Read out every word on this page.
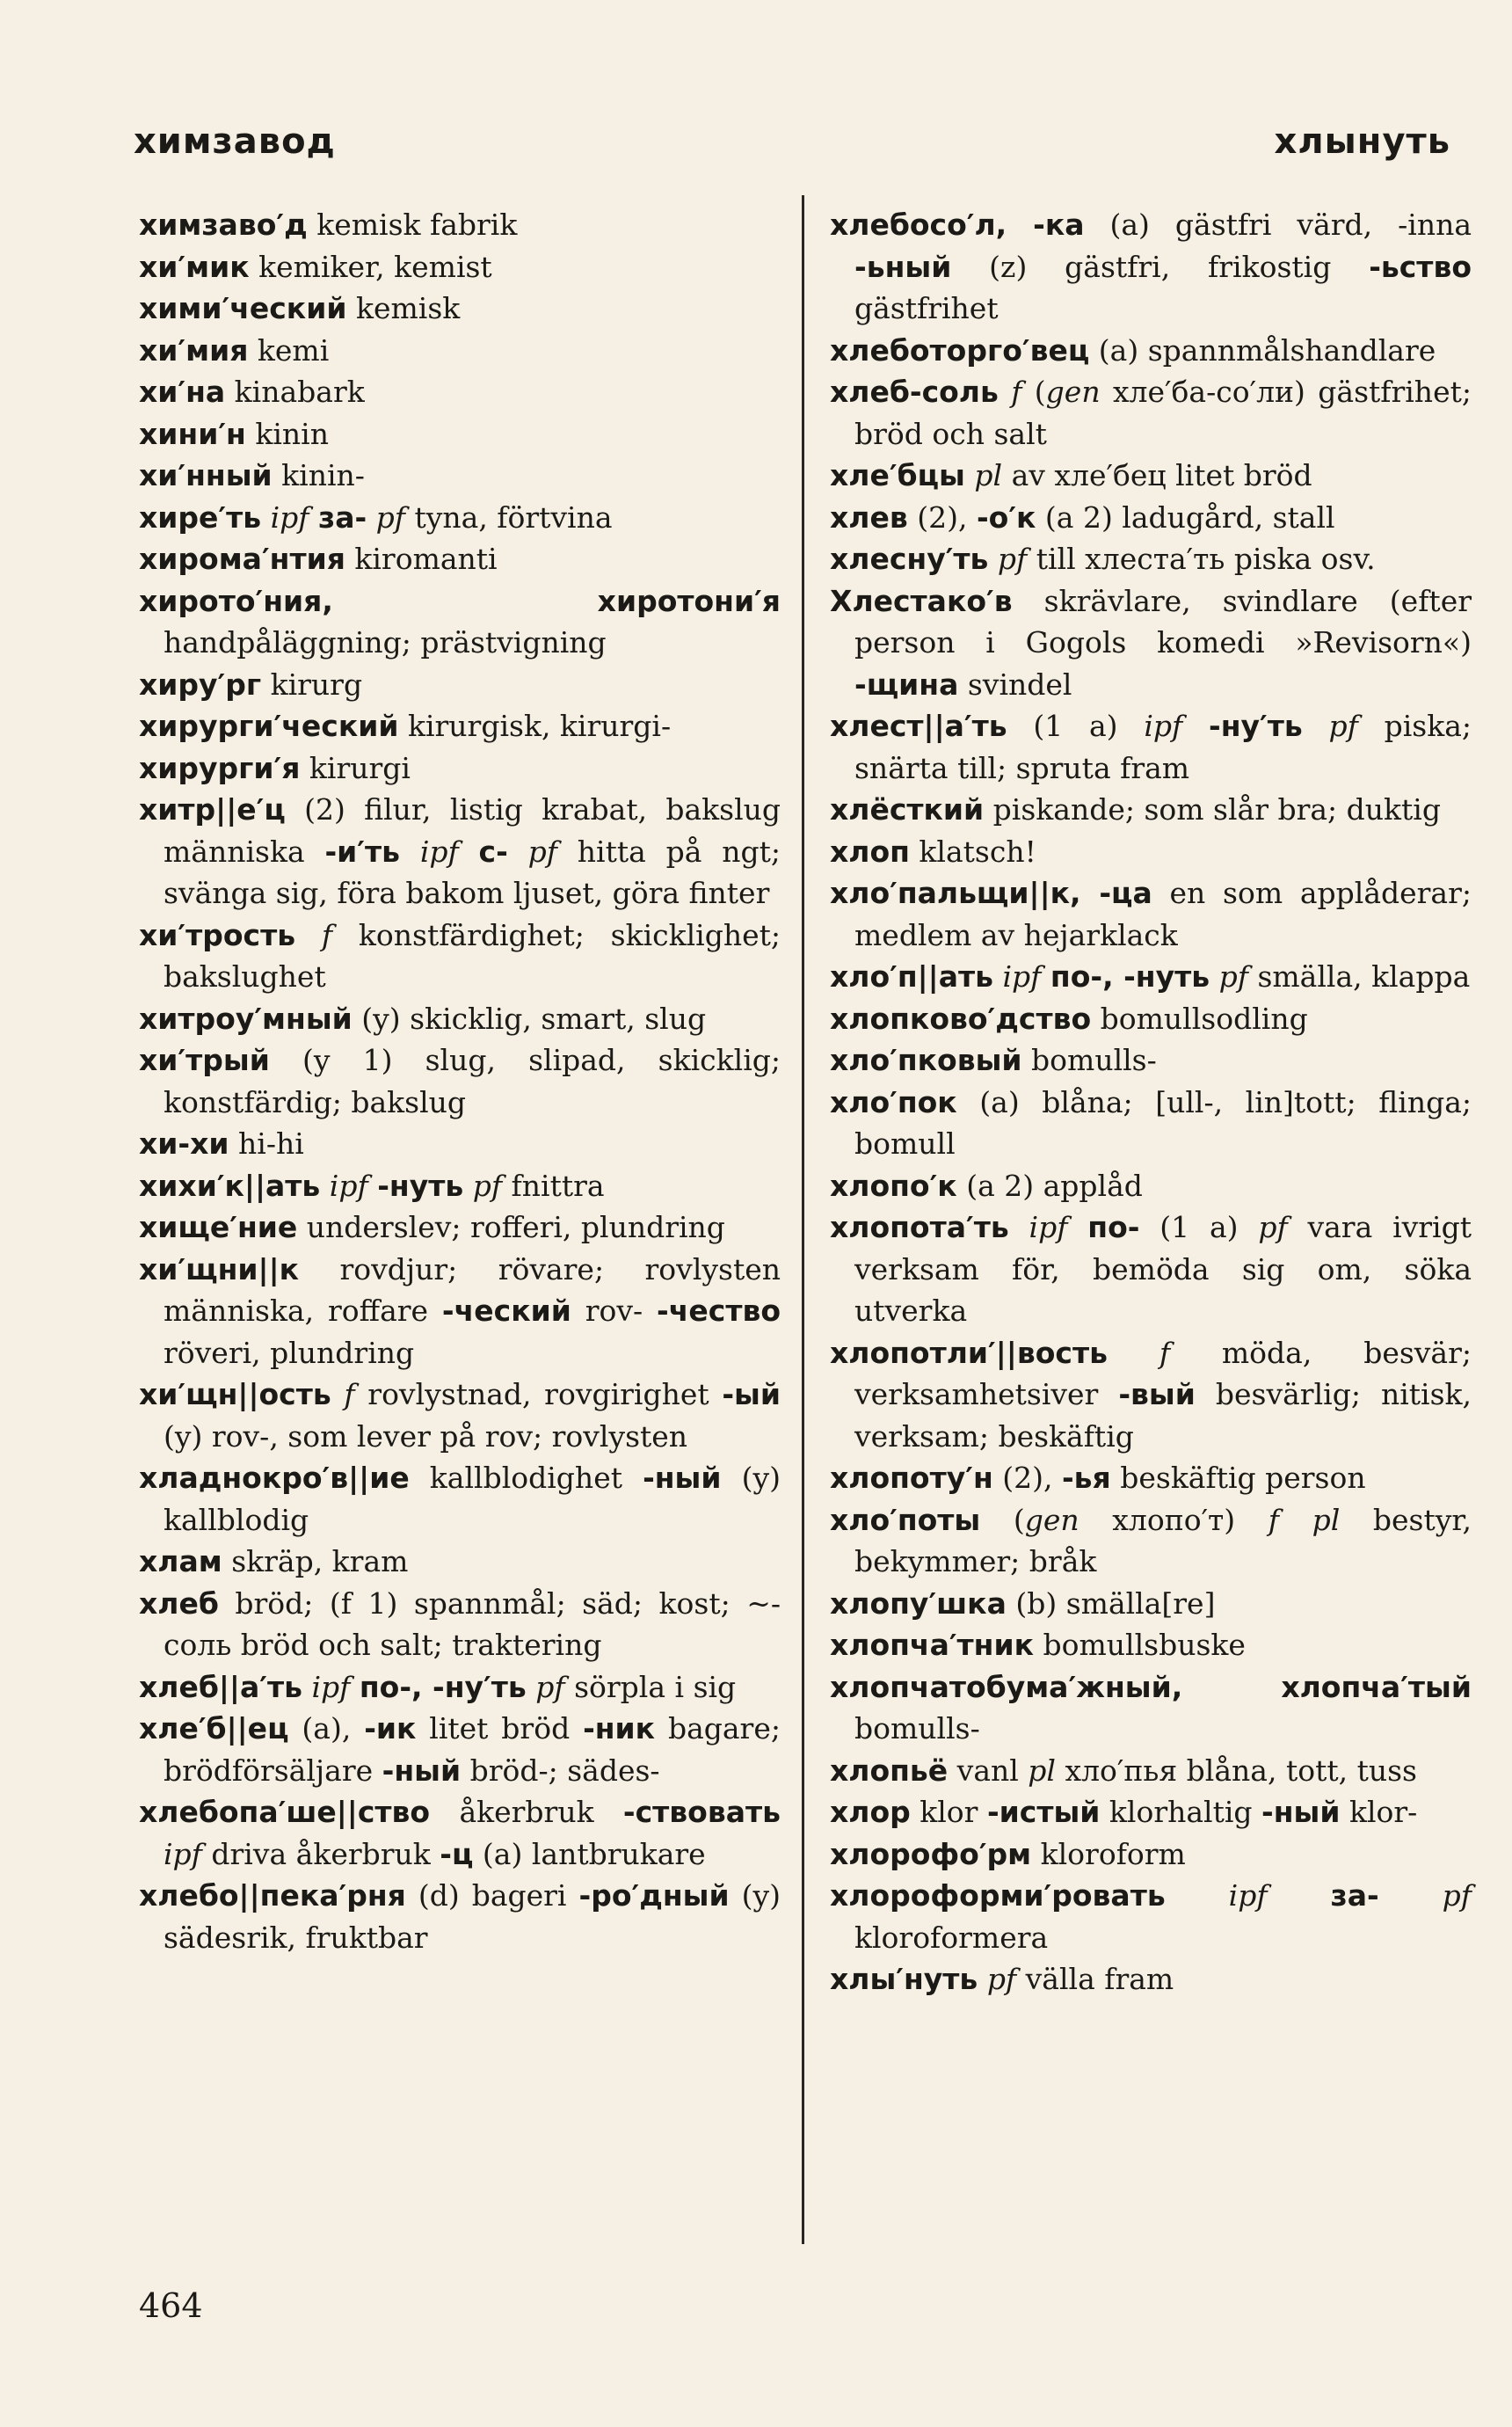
химзавод	хлынуть
химзаво′д kemisk fabrik
хи′мик kemiker, kemist
хими′ческий kemisk
хи′мия kemi
хи′на kinabark
хини′н kinin
хи′нный kinin-
хире′ть ipf за- pf tyna, förtvina
хирома′нтия kiromanti
хирото′ния, хиротони′я handpåläggning; prästvigning
хиру′рг kirurg
хирурги′ческий kirurgisk, kirurgi-
хирурги′я kirurgi
хитр||е′ц (2) filur, listig krabat, bakslug människa -и′ть ipf с- pf hitta på ngt; svänga sig, föra bakom ljuset, göra finter
хи′трость f konstfärdighet; skicklighet; bakslughet
хитроу′мный (y) skicklig, smart, slug
хи′трый (y 1) slug, slipad, skicklig; konstfärdig; bakslug
хи-хи hi-hi
хихи′к||ать ipf -нуть pf fnittra
хище′ние underslev; rofferi, plundring
хи′щни||к rovdjur; rövare; rovlysten människa, roffare -ческий rov- -чество röveri, plundring
хи′щн||ость f rovlystnad, rovgirighet -ый (y) rov-, som lever på rov; rovlysten
хладнокро′в||ие kallblodighet -ный (y) kallblodig
хлам skräp, kram
хлеб bröd; (f 1) spannmål; säd; kost; ~-соль bröd och salt; traktering
хлеб||а′ть ipf по-, -ну′ть pf sörpla i sig
хле′б||ец (a), -ик litet bröd -ник bagare; brödförsäljare -ный bröd-; sädes-
хлебопа′ше||ство åkerbruk -ствовать ipf driva åkerbruk -ц (a) lantbrukare
хлебо||пека′рня (d) bageri -ро′дный (y) sädesrik, fruktbar
хлебосо′л, -ка (a) gästfri värd, -inna -ьный (z) gästfri, frikostig -ьство gästfrihet
хлеботорго′вец (a) spannmålshandlare
хлеб-соль f (gen хле′ба-со′ли) gästfrihet; bröd och salt
хле′бцы pl av хле′бец litet bröd
хлев (2), -о′к (a 2) ladugård, stall
хлесну′ть pf till хлеста′ть piska osv.
Хлестако′в skrävlare, svindlare (efter person i Gogols komedi »Revisorn«) -щина svindel
хлест||а′ть (1 a) ipf -ну′ть pf piska; snärta till; spruta fram
хлёсткий piskande; som slår bra; duktig
хлоп klatsch!
хло′пальщи||к, -ца en som applåderar; medlem av hejarklack
хло′п||ать ipf по-, -нуть pf smälla, klappa
хлопково′дство bomullsodling
хло′пковый bomulls-
хло′пок (a) blåna; [ull-, lin]tott; flinga; bomull
хлопо′к (a 2) applåd
хлопота′ть ipf по- (1 a) pf vara ivrigt verksam för, bemöda sig om, söka utverka
хлопотли′||вость f möda, besvär; verksamhetsiver -вый besvärlig; nitisk, verksam; beskäftig
хлопоту′н (2), -ья beskäftig person
хло′поты (gen хлопо′т) f pl bestyr, bekymmer; bråk
хлопу′шка (b) smälla[re]
хлопча′тник bomullsbuske
хлопчатобума′жный, хлопча′тый bomulls-
хлопьё vanl pl хло′пья blåna, tott, tuss
хлор klor -истый klorhaltig -ный klor-
хлорофо′рм kloroform
хлороформи′ровать ipf за- pf kloroformera
хлы′нуть pf välla fram
464
